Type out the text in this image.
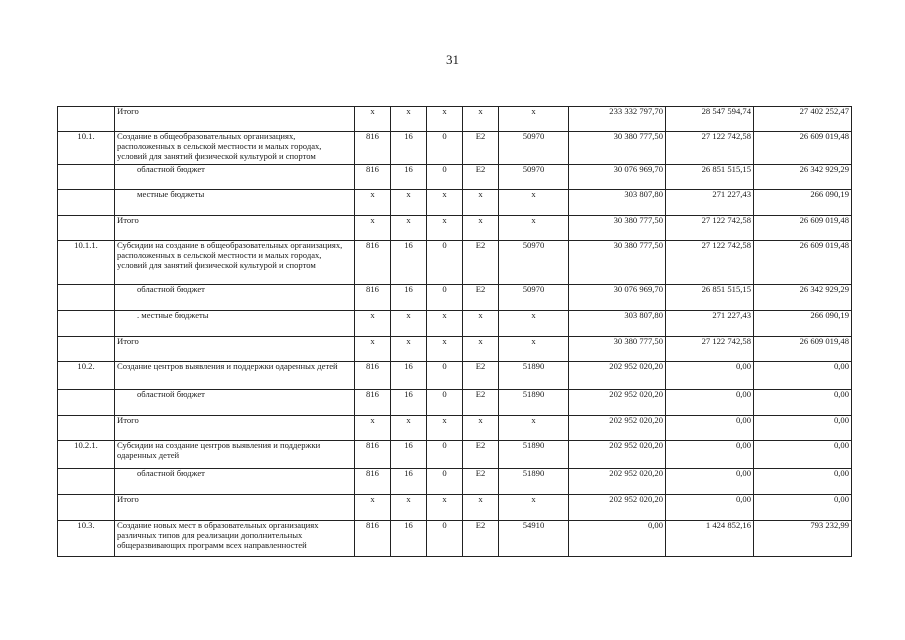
31
	Итого	x	x	x	x	x	233 332 797,70	28 547 594,74	27 402 252,47
10.1.	Создание в общеобразовательных организациях, расположенных в сельской местности и малых городах, условий для занятий физической культурой и спортом	816	16	0	E2	50970	30 380 777,50	27 122 742,58	26 609 019,48
	областной бюджет	816	16	0	E2	50970	30 076 969,70	26 851 515,15	26 342 929,29
	местные бюджеты	x	x	x	x	x	303 807,80	271 227,43	266 090,19
	Итого	x	x	x	x	x	30 380 777,50	27 122 742,58	26 609 019,48
10.1.1.	Субсидии на создание в общеобразовательных организациях, расположенных в сельской местности и малых городах, условий для занятий физической культурой и спортом	816	16	0	E2	50970	30 380 777,50	27 122 742,58	26 609 019,48
	областной бюджет	816	16	0	E2	50970	30 076 969,70	26 851 515,15	26 342 929,29
	. местные бюджеты	x	x	x	x	x	303 807,80	271 227,43	266 090,19
	Итого	x	x	x	x	x	30 380 777,50	27 122 742,58	26 609 019,48
10.2.	Создание центров выявления и поддержки одаренных детей	816	16	0	E2	51890	202 952 020,20	0,00	0,00
	областной бюджет	816	16	0	E2	51890	202 952 020,20	0,00	0,00
	Итого	x	x	x	x	x	202 952 020,20	0,00	0,00
10.2.1.	Субсидии на создание центров выявления и поддержки одаренных детей	816	16	0	E2	51890	202 952 020,20	0,00	0,00
	областной бюджет	816	16	0	E2	51890	202 952 020,20	0,00	0,00
	Итого	x	x	x	x	x	202 952 020,20	0,00	0,00
10.3.	Создание новых мест в образовательных организациях различных типов для реализации дополнительных общеразвивающих программ всех направленностей	816	16	0	E2	54910	0,00	1 424 852,16	793 232,99
